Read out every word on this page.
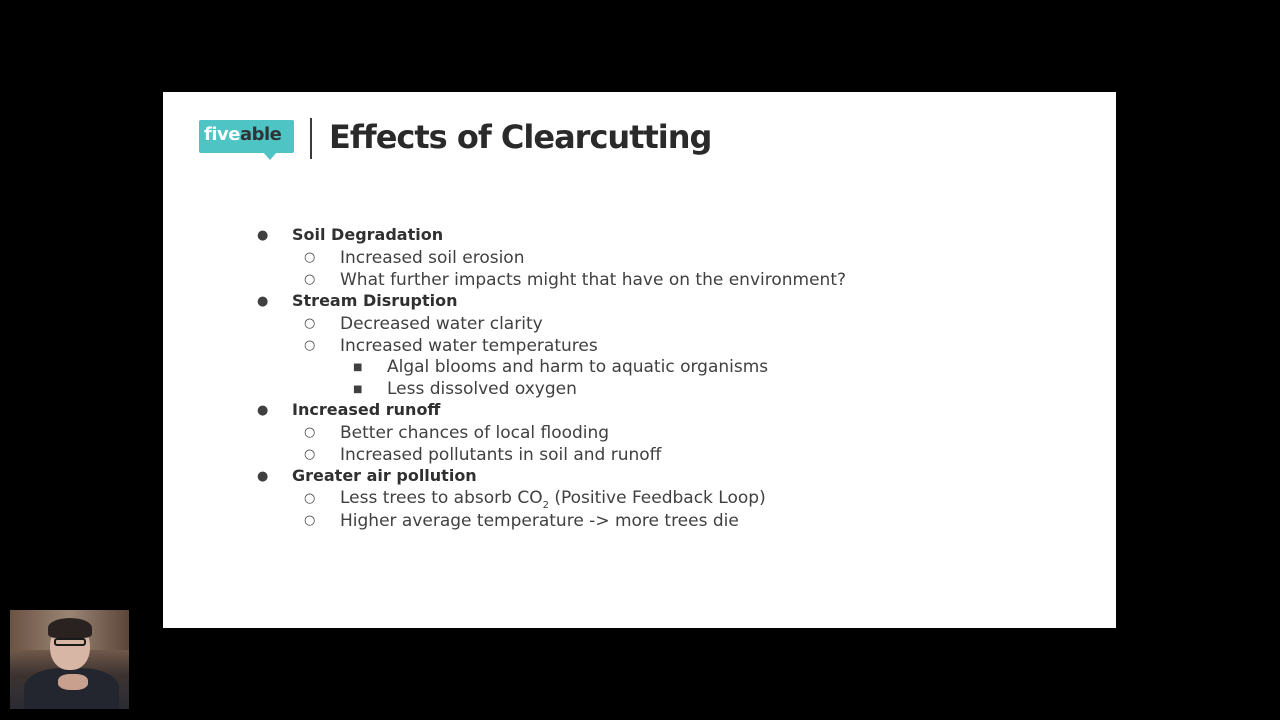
fiveable Effects of Clearcutting
● Soil Degradation
○ Increased soil erosion
○ What further impacts might that have on the environment?
● Stream Disruption
○ Decreased water clarity
○ Increased water temperatures
■ Algal blooms and harm to aquatic organisms
■ Less dissolved oxygen
● Increased runoff
○ Better chances of local flooding
○ Increased pollutants in soil and runoff
● Greater air pollution
○ Less trees to absorb $CO_2$ (Positive Feedback Loop)
○ Higher average temperature -> more trees die
